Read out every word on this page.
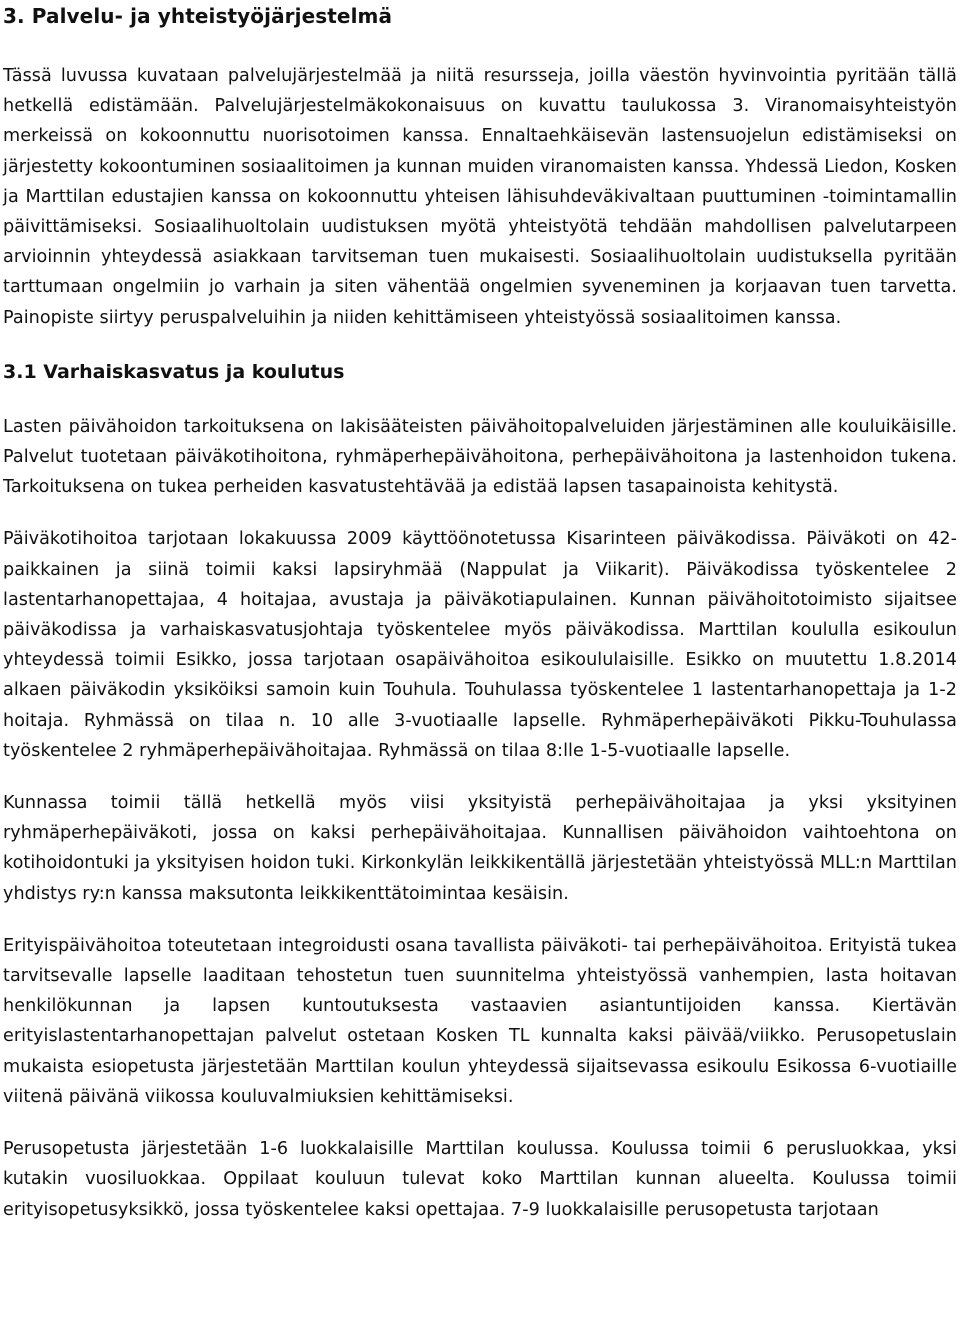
3. Palvelu- ja yhteistyöjärjestelmä

Tässä luvussa kuvataan palvelujärjestelmää ja niitä resursseja, joilla väestön hyvinvointia pyritään tällä hetkellä edistämään. Palvelujärjestelmäkokonaisuus on kuvattu taulukossa 3. Viranomaisyhteistyön merkeissä on kokoonnuttu nuorisotoimen kanssa. Ennaltaehkäisevän lastensuojelun edistämiseksi on järjestetty kokoontuminen sosiaalitoimen ja kunnan muiden viranomaisten kanssa. Yhdessä Liedon, Kosken ja Marttilan edustajien kanssa on kokoonnuttu yhteisen lähisuhdeväkivaltaan puuttuminen -toimintamallin päivittämiseksi. Sosiaalihuoltolain uudistuksen myötä yhteistyötä tehdään mahdollisen palvelutarpeen arvioinnin yhteydessä asiakkaan tarvitseman tuen mukaisesti. Sosiaalihuoltolain uudistuksella pyritään tarttumaan ongelmiin jo varhain ja siten vähentää ongelmien syveneminen ja korjaavan tuen tarvetta. Painopiste siirtyy peruspalveluihin ja niiden kehittämiseen yhteistyössä sosiaalitoimen kanssa.

3.1 Varhaiskasvatus ja koulutus

Lasten päivähoidon tarkoituksena on lakisääteisten päivähoitopalveluiden järjestäminen alle kouluikäisille. Palvelut tuotetaan päiväkotihoitona, ryhmäperhepäivähoitona, perhepäivähoitona ja lastenhoidon tukena. Tarkoituksena on tukea perheiden kasvatustehtävää ja edistää lapsen tasapainoista kehitystä.

Päiväkotihoitoa tarjotaan lokakuussa 2009 käyttöönotetussa Kisarinteen päiväkodissa. Päiväkoti on 42-paikkainen ja siinä toimii kaksi lapsiryhmää (Nappulat ja Viikarit). Päiväkodissa työskentelee 2 lastentarhanopettajaa, 4 hoitajaa, avustaja ja päiväkotiapulainen. Kunnan päivähoitotoimisto sijaitsee päiväkodissa ja varhaiskasvatusjohtaja työskentelee myös päiväkodissa. Marttilan koululla esikoulun yhteydessä toimii Esikko, jossa tarjotaan osapäivähoitoa esikoululaisille. Esikko on muutettu 1.8.2014 alkaen päiväkodin yksiköiksi samoin kuin Touhula. Touhulassa työskentelee 1 lastentarhanopettaja ja 1-2 hoitaja. Ryhmässä on tilaa n. 10 alle 3-vuotiaalle lapselle. Ryhmäperhepäiväkoti Pikku-Touhulassa työskentelee 2 ryhmäperhepäivähoitajaa. Ryhmässä on tilaa 8:lle 1-5-vuotiaalle lapselle.

Kunnassa toimii tällä hetkellä myös viisi yksityistä perhepäivähoitajaa ja yksi yksityinen ryhmäperhepäiväkoti, jossa on kaksi perhepäivähoitajaa. Kunnallisen päivähoidon vaihtoehtona on kotihoidontuki ja yksityisen hoidon tuki. Kirkonkylän leikkikentällä järjestetään yhteistyössä MLL:n Marttilan yhdistys ry:n kanssa maksutonta leikkikenttätoimintaa kesäisin.

Erityispäivähoitoa toteutetaan integroidusti osana tavallista päiväkoti- tai perhepäivähoitoa. Erityistä tukea tarvitsevalle lapselle laaditaan tehostetun tuen suunnitelma yhteistyössä vanhempien, lasta hoitavan henkilökunnan ja lapsen kuntoutuksesta vastaavien asiantuntijoiden kanssa. Kiertävän erityislastentarhanopettajan palvelut ostetaan Kosken TL kunnalta kaksi päivää/viikko. Perusopetuslain mukaista esiopetusta järjestetään Marttilan koulun yhteydessä sijaitsevassa esikoulu Esikossa 6-vuotiaille viitenä päivänä viikossa kouluvalmiuksien kehittämiseksi.

Perusopetusta järjestetään 1-6 luokkalaisille Marttilan koulussa. Koulussa toimii 6 perusluokkaa, yksi kutakin vuosiluokkaa. Oppilaat kouluun tulevat koko Marttilan kunnan alueelta. Koulussa toimii erityisopetusyksikkö, jossa työskentelee kaksi opettajaa. 7-9 luokkalaisille perusopetusta tarjotaan
